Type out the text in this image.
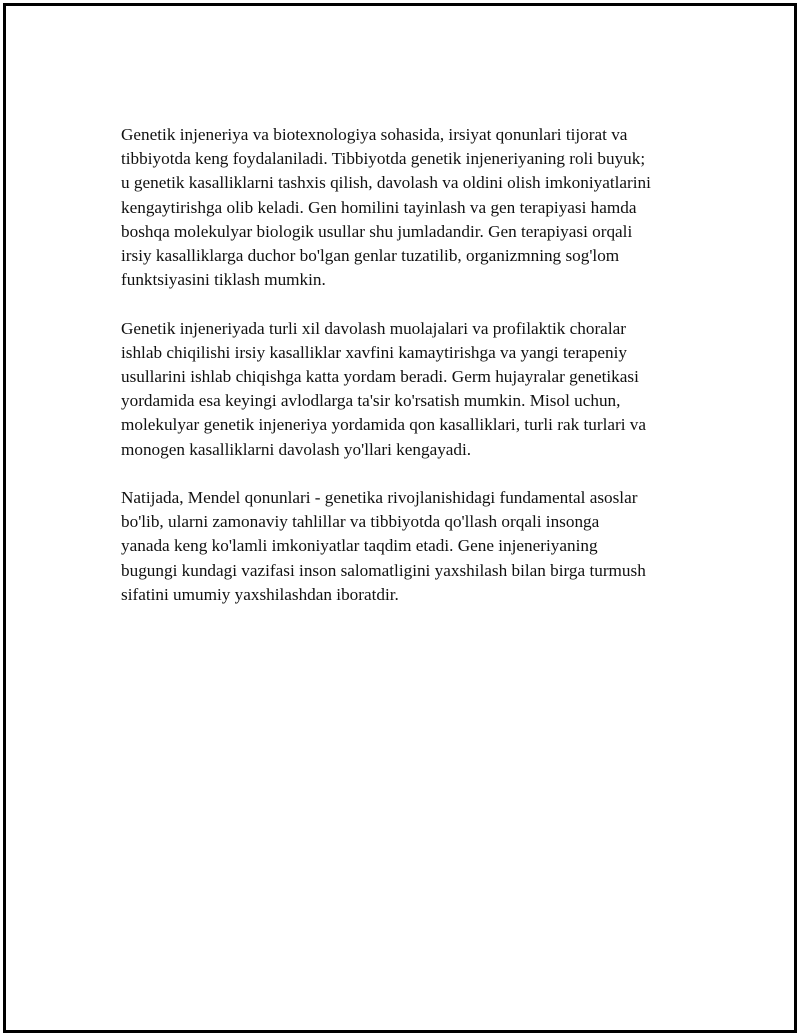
Genetik injeneriya va biotexnologiya sohasida, irsiyat qonunlari tijorat va
tibbiyotda keng foydalaniladi. Tibbiyotda genetik injeneriyaning roli buyuk;
u genetik kasalliklarni tashxis qilish, davolash va oldini olish imkoniyatlarini
kengaytirishga olib keladi. Gen homilini tayinlash va gen terapiyasi hamda
boshqa molekulyar biologik usullar shu jumladandir. Gen terapiyasi orqali
irsiy kasalliklarga duchor bo'lgan genlar tuzatilib, organizmning sog'lom
funktsiyasini tiklash mumkin.

Genetik injeneriyada turli xil davolash muolajalari va profilaktik choralar
ishlab chiqilishi irsiy kasalliklar xavfini kamaytirishga va yangi terapeniy
usullarini ishlab chiqishga katta yordam beradi. Germ hujayralar genetikasi
yordamida esa keyingi avlodlarga ta'sir ko'rsatish mumkin. Misol uchun,
molekulyar genetik injeneriya yordamida qon kasalliklari, turli rak turlari va
monogen kasalliklarni davolash yo'llari kengayadi.

Natijada, Mendel qonunlari - genetika rivojlanishidagi fundamental asoslar
bo'lib, ularni zamonaviy tahlillar va tibbiyotda qo'llash orqali insonga
yanada keng ko'lamli imkoniyatlar taqdim etadi. Gene injeneriyaning
bugungi kundagi vazifasi inson salomatligini yaxshilash bilan birga turmush
sifatini umumiy yaxshilashdan iboratdir.
